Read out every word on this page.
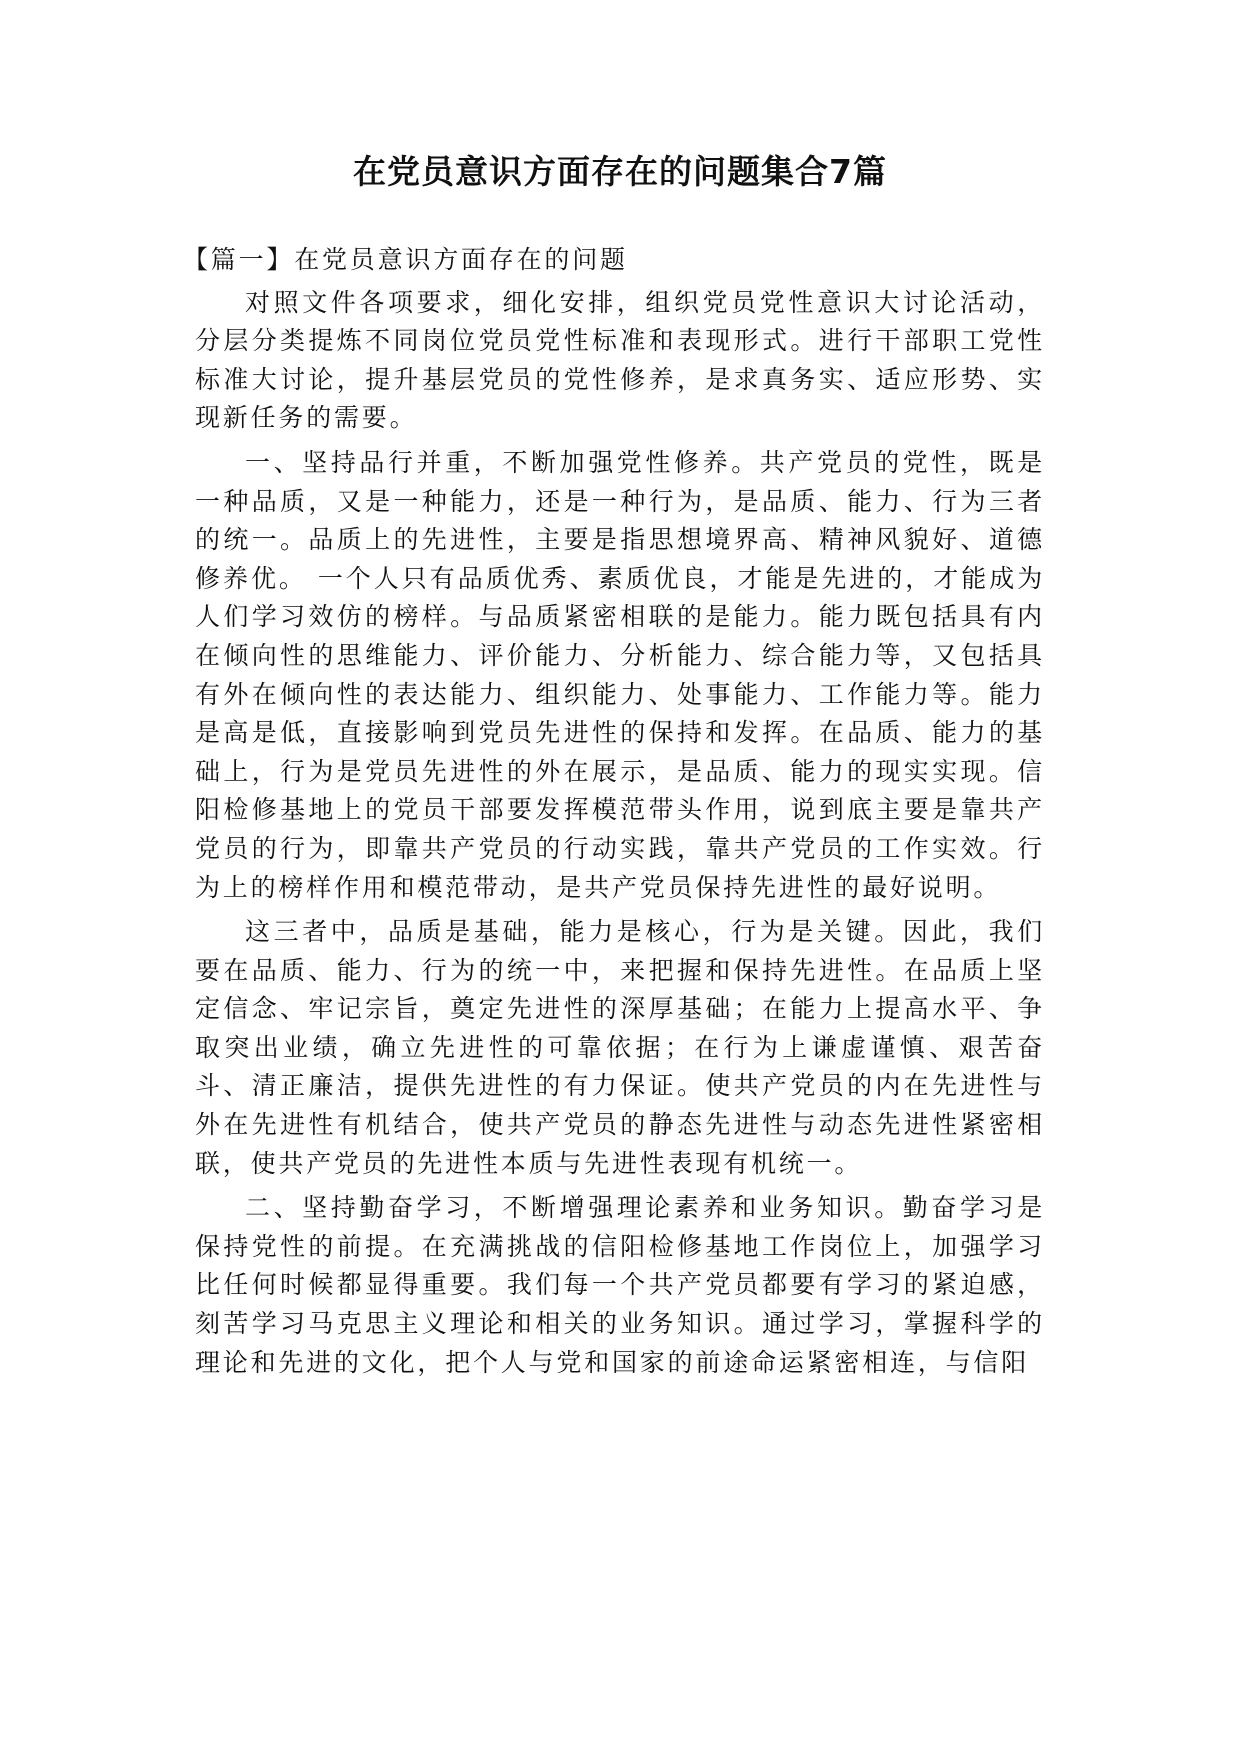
在党员意识方面存在的问题集合7篇

【篇一】在党员意识方面存在的问题

对照文件各项要求，细化安排，组织党员党性意识大讨论活动，分层分类提炼不同岗位党员党性标准和表现形式。进行干部职工党性标准大讨论，提升基层党员的党性修养，是求真务实、适应形势、实现新任务的需要。

一、坚持品行并重，不断加强党性修养。共产党员的党性，既是一种品质，又是一种能力，还是一种行为，是品质、能力、行为三者的统一。品质上的先进性，主要是指思想境界高、精神风貌好、道德修养优。 一个人只有品质优秀、素质优良，才能是先进的，才能成为人们学习效仿的榜样。与品质紧密相联的是能力。能力既包括具有内在倾向性的思维能力、评价能力、分析能力、综合能力等，又包括具有外在倾向性的表达能力、组织能力、处事能力、工作能力等。能力是高是低，直接影响到党员先进性的保持和发挥。在品质、能力的基础上，行为是党员先进性的外在展示，是品质、能力的现实实现。信阳检修基地上的党员干部要发挥模范带头作用，说到底主要是靠共产党员的行为，即靠共产党员的行动实践，靠共产党员的工作实效。行为上的榜样作用和模范带动，是共产党员保持先进性的最好说明。

这三者中，品质是基础，能力是核心，行为是关键。因此，我们要在品质、能力、行为的统一中，来把握和保持先进性。在品质上坚定信念、牢记宗旨，奠定先进性的深厚基础；在能力上提高水平、争取突出业绩，确立先进性的可靠依据；在行为上谦虚谨慎、艰苦奋斗、清正廉洁，提供先进性的有力保证。使共产党员的内在先进性与外在先进性有机结合，使共产党员的静态先进性与动态先进性紧密相联，使共产党员的先进性本质与先进性表现有机统一。

二、坚持勤奋学习，不断增强理论素养和业务知识。勤奋学习是保持党性的前提。在充满挑战的信阳检修基地工作岗位上，加强学习比任何时候都显得重要。我们每一个共产党员都要有学习的紧迫感，刻苦学习马克思主义理论和相关的业务知识。通过学习，掌握科学的理论和先进的文化，把个人与党和国家的前途命运紧密相连，与信阳
